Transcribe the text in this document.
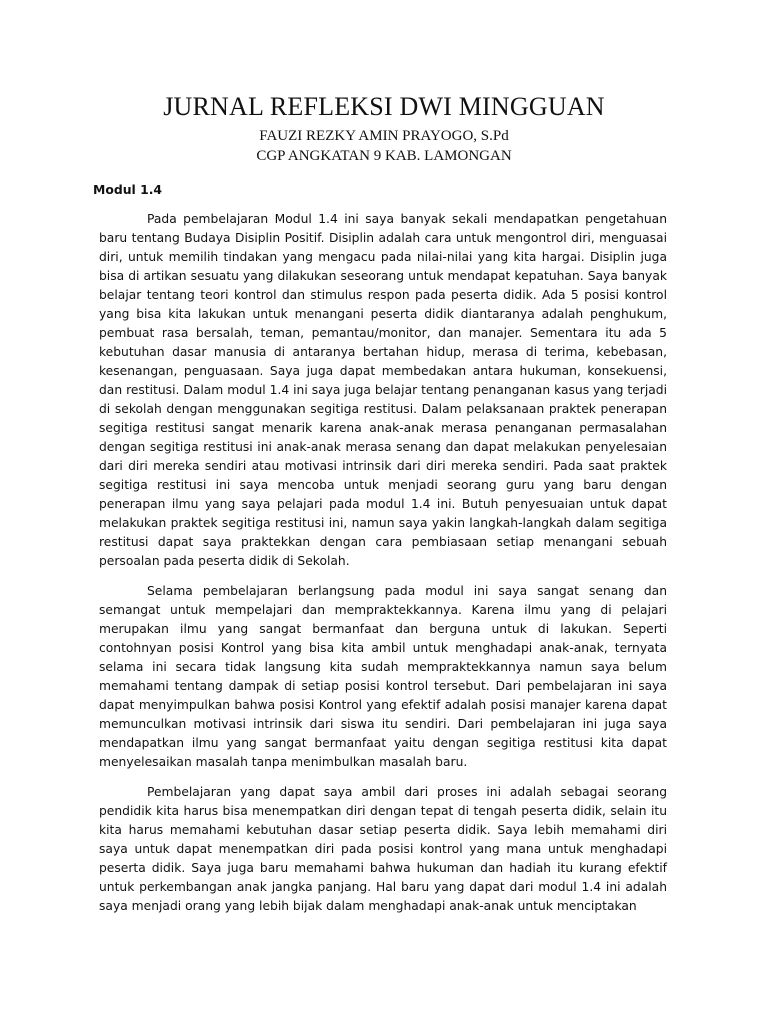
JURNAL REFLEKSI DWI MINGGUAN
FAUZI REZKY AMIN PRAYOGO, S.Pd
CGP ANGKATAN 9 KAB. LAMONGAN
Modul 1.4

Pada pembelajaran Modul 1.4 ini saya banyak sekali mendapatkan pengetahuan baru tentang Budaya Disiplin Positif. Disiplin adalah cara untuk mengontrol diri, menguasai diri, untuk memilih tindakan yang mengacu pada nilai-nilai yang kita hargai. Disiplin juga bisa di artikan sesuatu yang dilakukan seseorang untuk mendapat kepatuhan. Saya banyak belajar tentang teori kontrol dan stimulus respon pada peserta didik. Ada 5 posisi kontrol yang bisa kita lakukan untuk menangani peserta didik diantaranya adalah penghukum, pembuat rasa bersalah, teman, pemantau/monitor, dan manajer. Sementara itu ada 5 kebutuhan dasar manusia di antaranya bertahan hidup, merasa di terima, kebebasan, kesenangan, penguasaan. Saya juga dapat membedakan antara hukuman, konsekuensi, dan restitusi. Dalam modul 1.4 ini saya juga belajar tentang penanganan kasus yang terjadi di sekolah dengan menggunakan segitiga restitusi. Dalam pelaksanaan praktek penerapan segitiga restitusi sangat menarik karena anak-anak merasa penanganan permasalahan dengan segitiga restitusi ini anak-anak merasa senang dan dapat melakukan penyelesaian dari diri mereka sendiri atau motivasi intrinsik dari diri mereka sendiri. Pada saat praktek segitiga restitusi ini saya mencoba untuk menjadi seorang guru yang baru dengan penerapan ilmu yang saya pelajari pada modul 1.4 ini. Butuh penyesuaian untuk dapat melakukan praktek segitiga restitusi ini, namun saya yakin langkah-langkah dalam segitiga restitusi dapat saya praktekkan dengan cara pembiasaan setiap menangani sebuah persoalan pada peserta didik di Sekolah.

Selama pembelajaran berlangsung pada modul ini saya sangat senang dan semangat untuk mempelajari dan mempraktekkannya. Karena ilmu yang di pelajari merupakan ilmu yang sangat bermanfaat dan berguna untuk di lakukan. Seperti contohnyan posisi Kontrol yang bisa kita ambil untuk menghadapi anak-anak, ternyata selama ini secara tidak langsung kita sudah mempraktekkannya namun saya belum memahami tentang dampak di setiap posisi kontrol tersebut. Dari pembelajaran ini saya dapat menyimpulkan bahwa posisi Kontrol yang efektif adalah posisi manajer karena dapat memunculkan motivasi intrinsik dari siswa itu sendiri. Dari pembelajaran ini juga saya mendapatkan ilmu yang sangat bermanfaat yaitu dengan segitiga restitusi kita dapat menyelesaikan masalah tanpa menimbulkan masalah baru.

Pembelajaran yang dapat saya ambil dari proses ini adalah sebagai seorang pendidik kita harus bisa menempatkan diri dengan tepat di tengah peserta didik, selain itu kita harus memahami kebutuhan dasar setiap peserta didik. Saya lebih memahami diri saya untuk dapat menempatkan diri pada posisi kontrol yang mana untuk menghadapi peserta didik. Saya juga baru memahami bahwa hukuman dan hadiah itu kurang efektif untuk perkembangan anak jangka panjang. Hal baru yang dapat dari modul 1.4 ini adalah saya menjadi orang yang lebih bijak dalam menghadapi anak-anak untuk menciptakan
